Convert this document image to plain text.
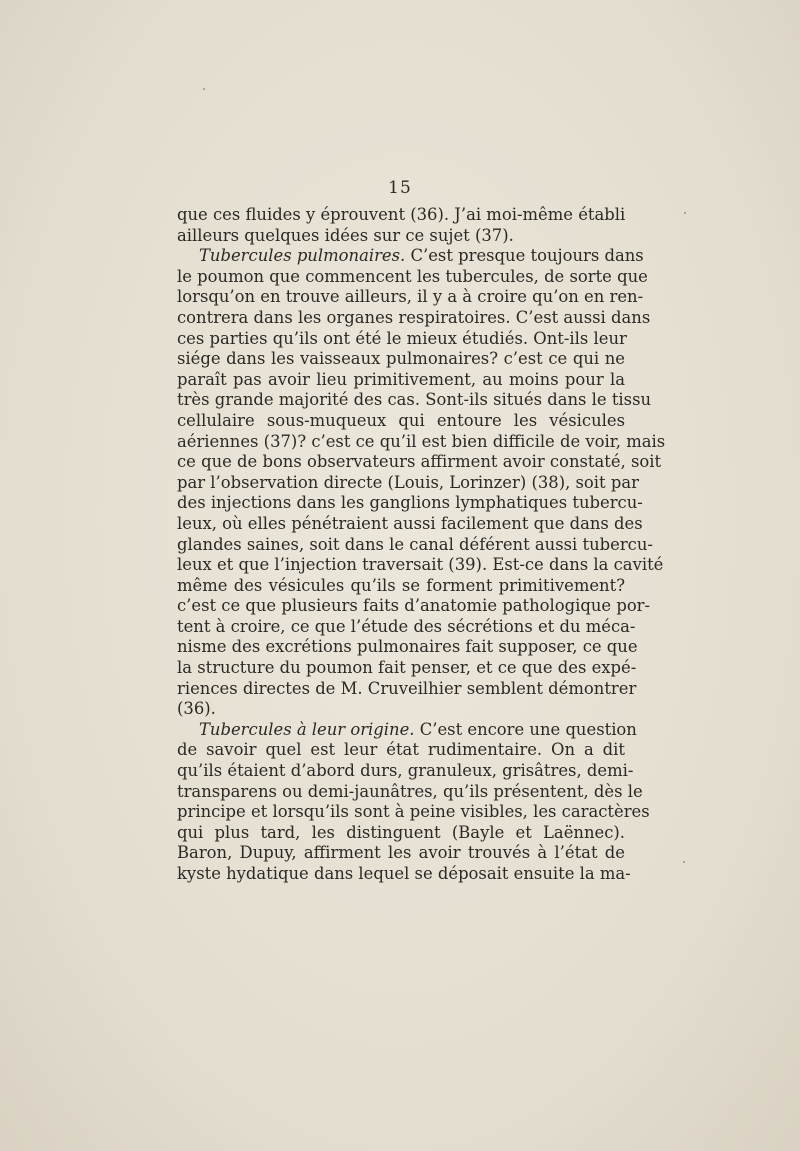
15
que ces fluides y éprouvent (36). J’ai moi-même établi
ailleurs quelques idées sur ce sujet (37).
Tubercules pulmonaires. C’est presque toujours dans
le poumon que commencent les tubercules, de sorte que
lorsqu’on en trouve ailleurs, il y a à croire qu’on en ren-
contrera dans les organes respiratoires. C’est aussi dans
ces parties qu’ils ont été le mieux étudiés. Ont-ils leur
siége dans les vaisseaux pulmonaires? c’est ce qui ne
paraît pas avoir lieu primitivement, au moins pour la
très grande majorité des cas. Sont-ils situés dans le tissu
cellulaire sous-muqueux qui entoure les vésicules
aériennes (37)? c’est ce qu’il est bien difficile de voir, mais
ce que de bons observateurs affirment avoir constaté, soit
par l’observation directe (Louis, Lorinzer) (38), soit par
des injections dans les ganglions lymphatiques tubercu-
leux, où elles pénétraient aussi facilement que dans des
glandes saines, soit dans le canal déférent aussi tubercu-
leux et que l’injection traversait (39). Est-ce dans la cavité
même des vésicules qu’ils se forment primitivement?
c’est ce que plusieurs faits d’anatomie pathologique por-
tent à croire, ce que l’étude des sécrétions et du méca-
nisme des excrétions pulmonaires fait supposer, ce que
la structure du poumon fait penser, et ce que des expé-
riences directes de M. Cruveilhier semblent démontrer
(36).
Tubercules à leur origine. C’est encore une question
de savoir quel est leur état rudimentaire. On a dit
qu’ils étaient d’abord durs, granuleux, grisâtres, demi-
transparens ou demi-jaunâtres, qu’ils présentent, dès le
principe et lorsqu’ils sont à peine visibles, les caractères
qui plus tard, les distinguent (Bayle et Laënnec).
Baron, Dupuy, affirment les avoir trouvés à l’état de
kyste hydatique dans lequel se déposait ensuite la ma-
